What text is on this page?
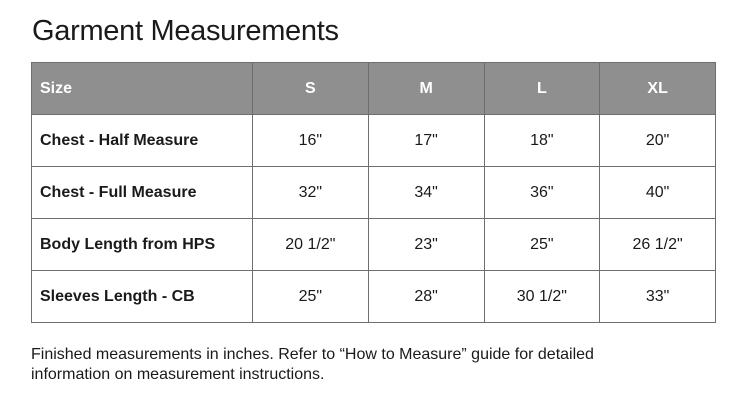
Garment Measurements
Size	S	M	L	XL
Chest - Half Measure	16"	17"	18"	20"
Chest - Full Measure	32"	34"	36"	40"
Body Length from HPS	20 1/2"	23"	25"	26 1/2"
Sleeves Length - CB	25"	28"	30 1/2"	33"
Finished measurements in inches. Refer to “How to Measure” guide for detailed
information on measurement instructions.
